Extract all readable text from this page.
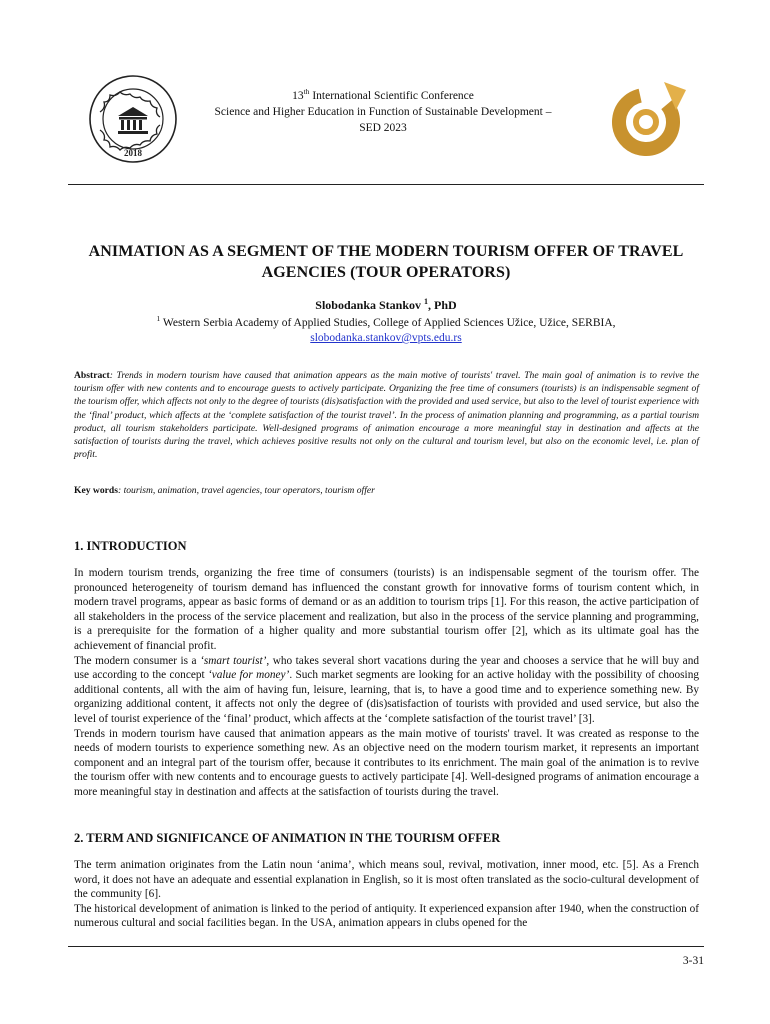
2018
13th International Scientific Conference
Science and Higher Education in Function of Sustainable Development –
SED 2023
ANIMATION AS A SEGMENT OF THE MODERN TOURISM OFFER OF TRAVEL AGENCIES (TOUR OPERATORS)
Slobodanka Stankov $^1$, PhD
$^1$ Western Serbia Academy of Applied Studies, College of Applied Sciences Užice, Užice, SERBIA,
slobodanka.stankov@vpts.edu.rs
Abstract: Trends in modern tourism have caused that animation appears as the main motive of tourists' travel. The main goal of animation is to revive the tourism offer with new contents and to encourage guests to actively participate. Organizing the free time of consumers (tourists) is an indispensable segment of the tourism offer, which affects not only to the degree of tourists (dis)satisfaction with the provided and used service, but also to the level of tourist experience with the ‘final’ product, which affects at the ‘complete satisfaction of the tourist travel’. In the process of animation planning and programming, as a partial tourism product, all tourism stakeholders participate. Well-designed programs of animation encourage a more meaningful stay in destination and affects at the satisfaction of tourists during the travel, which achieves positive results not only on the cultural and tourism level, but also on the economic level, i.e. plan of profit.
Key words: tourism, animation, travel agencies, tour operators, tourism offer
1. INTRODUCTION

In modern tourism trends, organizing the free time of consumers (tourists) is an indispensable segment of the tourism offer. The pronounced heterogeneity of tourism demand has influenced the constant growth for innovative forms of tourism content which, in modern travel programs, appear as basic forms of demand or as an addition to tourism trips [1]. For this reason, the active participation of all stakeholders in the process of the service placement and realization, but also in the process of the service planning and programming, is a prerequisite for the formation of a higher quality and more substantial tourism offer [2], which as its ultimate goal has the achievement of financial profit.

The modern consumer is a ‘smart tourist’, who takes several short vacations during the year and chooses a service that he will buy and use according to the concept ‘value for money’. Such market segments are looking for an active holiday with the possibility of choosing additional contents, all with the aim of having fun, leisure, learning, that is, to have a good time and to experience something new. By organizing additional content, it affects not only the degree of (dis)satisfaction of tourists with provided and used service, but also the level of tourist experience of the ‘final’ product, which affects at the ‘complete satisfaction of the tourist travel’ [3].

Trends in modern tourism have caused that animation appears as the main motive of tourists' travel. It was created as response to the needs of modern tourists to experience something new. As an objective need on the modern tourism market, it represents an important component and an integral part of the tourism offer, because it contributes to its enrichment. The main goal of the animation is to revive the tourism offer with new contents and to encourage guests to actively participate [4]. Well-designed programs of animation encourage a more meaningful stay in destination and affects at the satisfaction of tourists during the travel.

2. TERM AND SIGNIFICANCE OF ANIMATION IN THE TOURISM OFFER

The term animation originates from the Latin noun ‘anima’, which means soul, revival, motivation, inner mood, etc. [5]. As a French word, it does not have an adequate and essential explanation in English, so it is most often translated as the socio-cultural development of the community [6].

The historical development of animation is linked to the period of antiquity. It experienced expansion after 1940, when the construction of numerous cultural and social facilities began. In the USA, animation appears in clubs opened for the

3-31
